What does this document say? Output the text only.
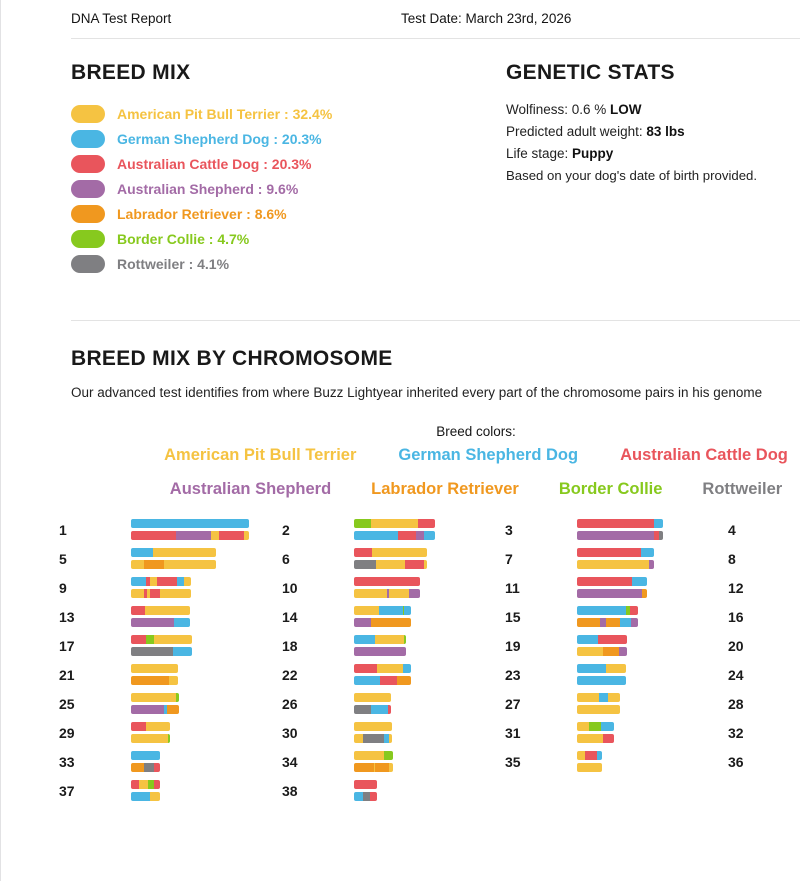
DNA Test Report	Test Date: March 23rd, 2026
BREED MIX
American Pit Bull Terrier : 32.4%
German Shepherd Dog : 20.3%
Australian Cattle Dog : 20.3%
Australian Shepherd : 9.6%
Labrador Retriever : 8.6%
Border Collie : 4.7%
Rottweiler : 4.1%
GENETIC STATS
Wolfiness: 0.6 % LOW
Predicted adult weight: 83 lbs
Life stage: Puppy
Based on your dog's date of birth provided.
BREED MIX BY CHROMOSOME

Our advanced test identifies from where Buzz Lightyear inherited every part of the chromosome pairs in his genome

Breed colors:
American Pit Bull Terrier	German Shepherd Dog	Australian Cattle Dog
Australian Shepherd Labrador Retriever Border Collie Rottweiler
1	2	3	4
5	6	7	8
9	10	11	12
13	14	15	16
17	18	19	20
21	22	23	24
25	26	27	28
29	30	31	32
33	34	35	36
37	38
